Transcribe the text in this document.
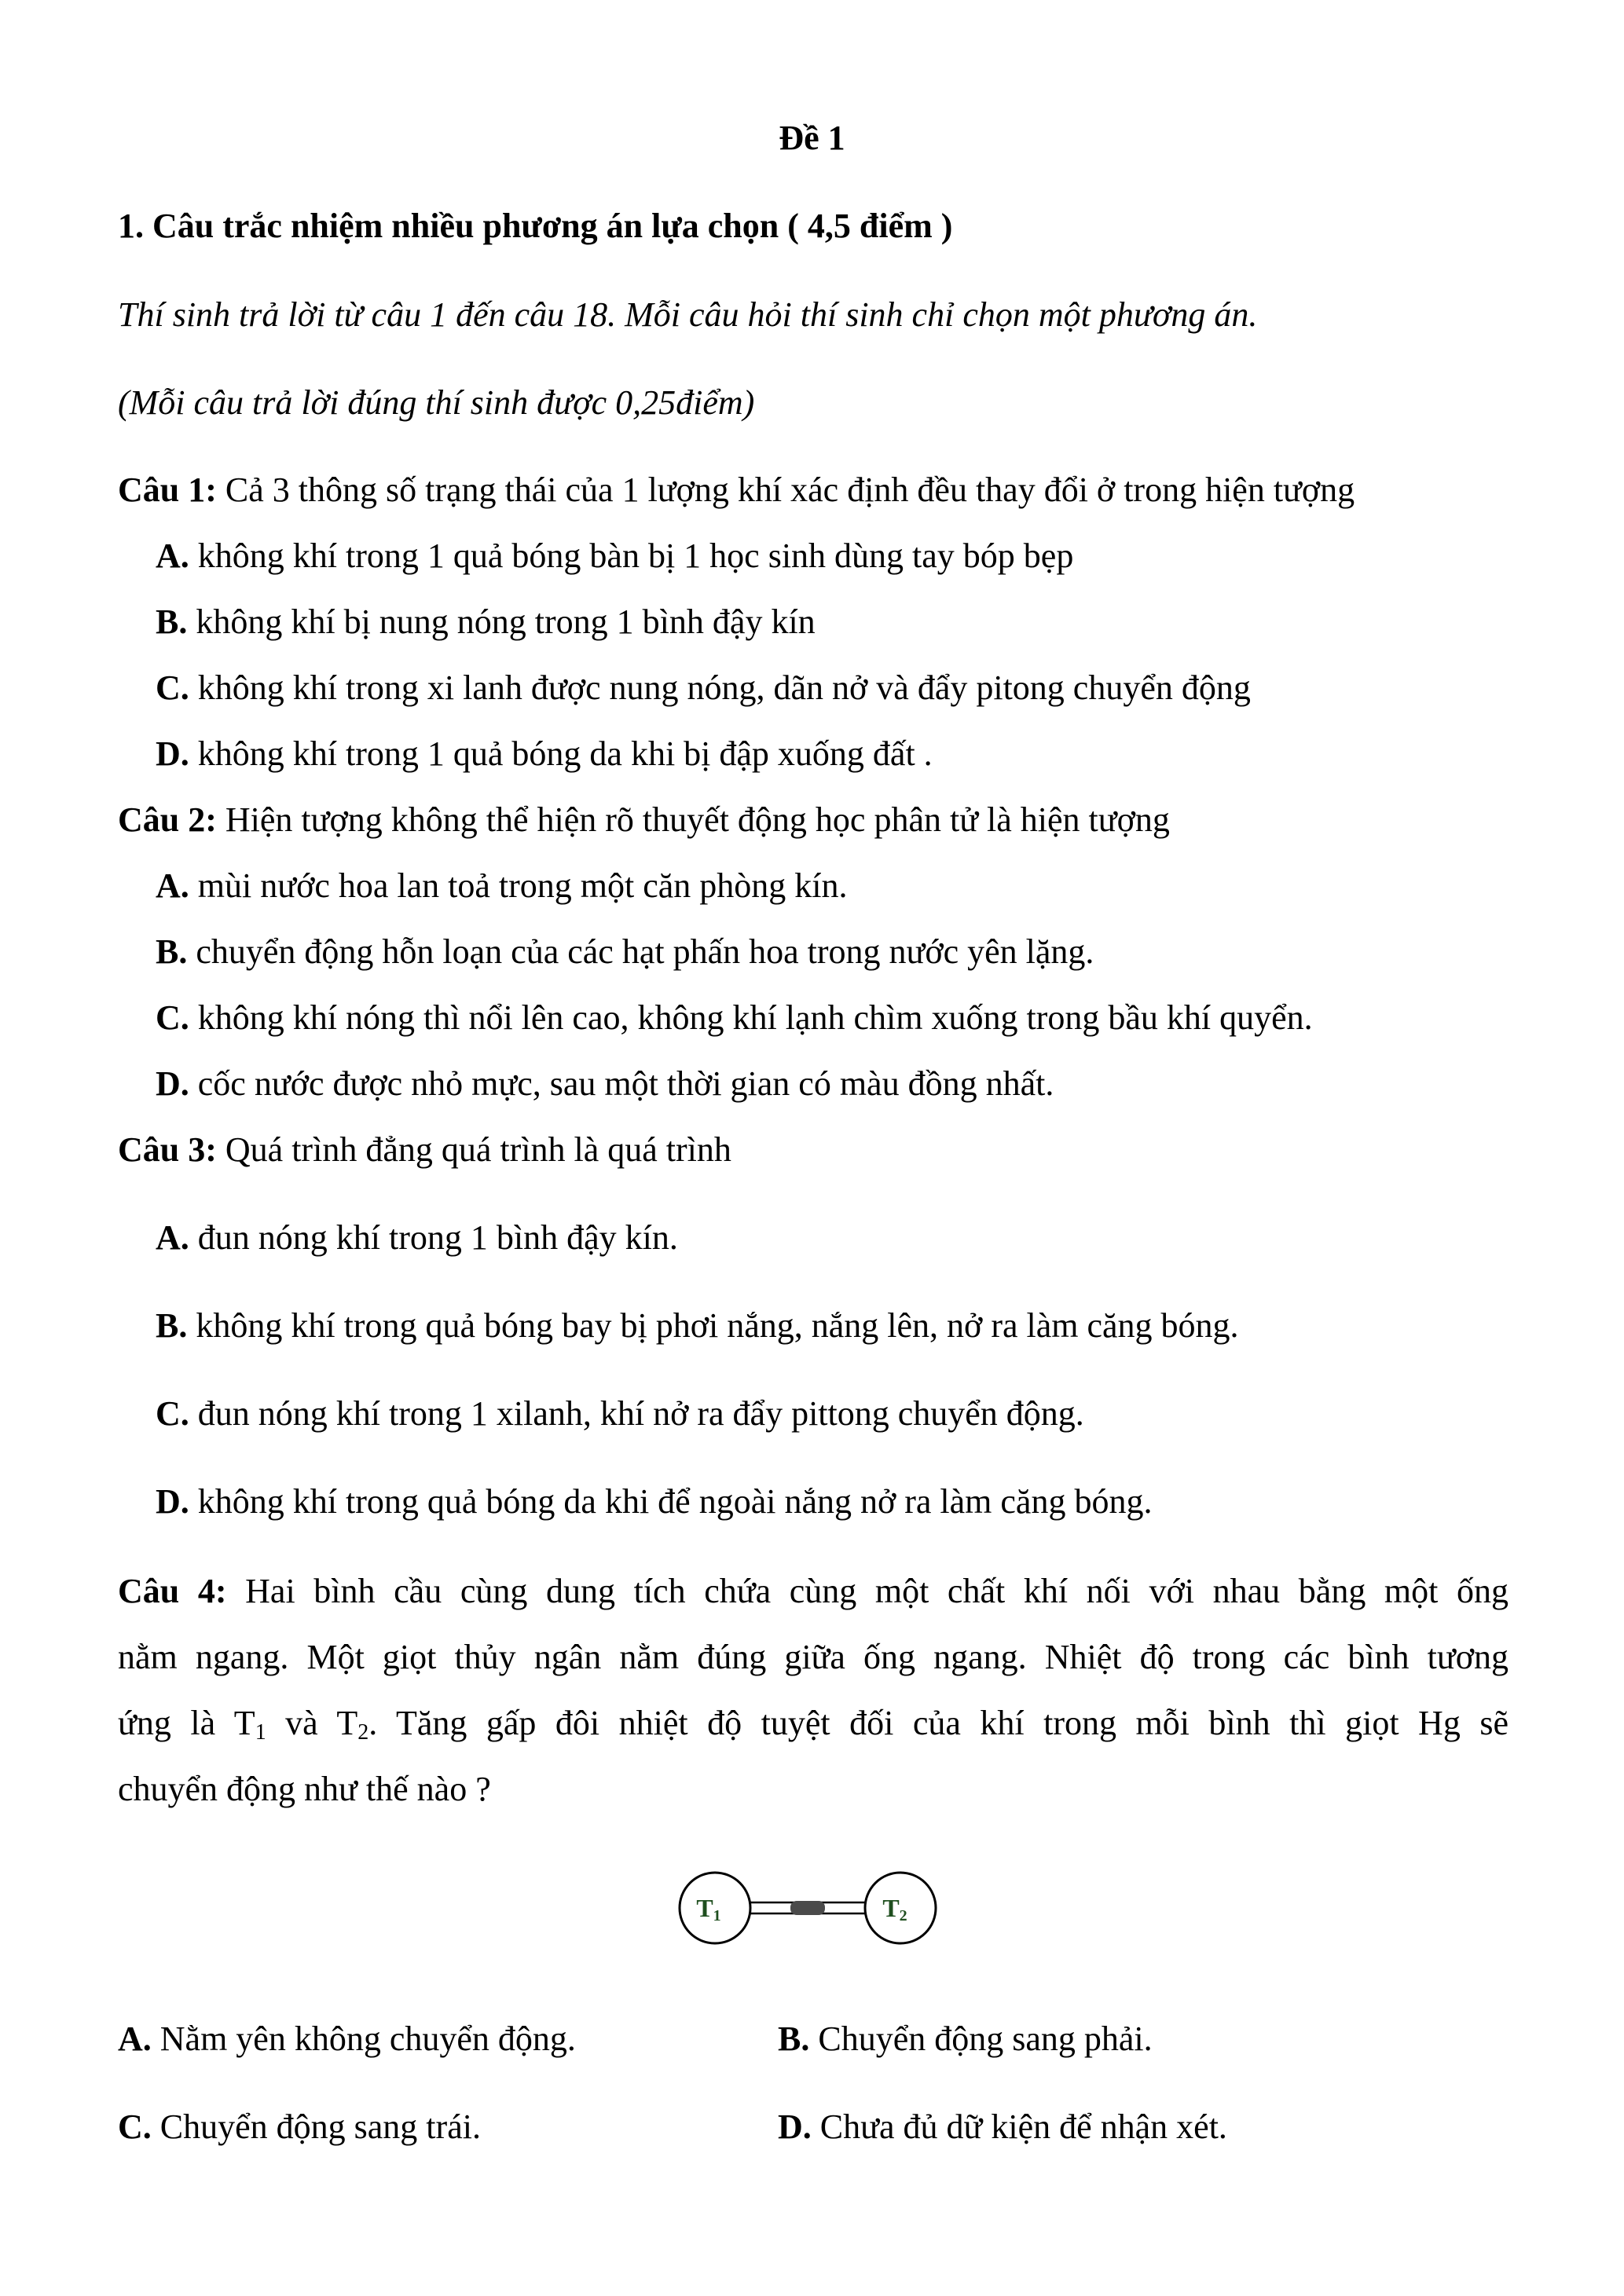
Đề 1
1. Câu trắc nhiệm nhiều phương án lựa chọn ( 4,5 điểm )
Thí sinh trả lời từ câu 1 đến câu 18. Mỗi câu hỏi thí sinh chỉ chọn một phương án.
(Mỗi câu trả lời đúng thí sinh được 0,25điểm)
Câu 1: Cả 3 thông số trạng thái của 1 lượng khí xác định đều thay đổi ở trong hiện tượng
A. không khí trong 1 quả bóng bàn bị 1 học sinh dùng tay bóp bẹp
B. không khí bị nung nóng trong 1 bình đậy kín
C. không khí trong xi lanh được nung nóng, dãn nở và đẩy pitong chuyển động
D. không khí trong 1 quả bóng da khi bị đập xuống đất .
Câu 2: Hiện tượng không thể hiện rõ thuyết động học phân tử là hiện tượng
A. mùi nước hoa lan toả trong một căn phòng kín.
B. chuyển động hỗn loạn của các hạt phấn hoa trong nước yên lặng.
C. không khí nóng thì nổi lên cao, không khí lạnh chìm xuống trong bầu khí quyển.
D. cốc nước được nhỏ mực, sau một thời gian có màu đồng nhất.
Câu 3: Quá trình đẳng quá trình là quá trình
A. đun nóng khí trong 1 bình đậy kín.
B. không khí trong quả bóng bay bị phơi nắng, nắng lên, nở ra làm căng bóng.
C. đun nóng khí trong 1 xilanh, khí nở ra đẩy pittong chuyển động.
D. không khí trong quả bóng da khi để ngoài nắng nở ra làm căng bóng.
Câu 4: Hai bình cầu cùng dung tích chứa cùng một chất khí nối với nhau bằng một ống
nằm ngang. Một giọt thủy ngân nằm đúng giữa ống ngang. Nhiệt độ trong các bình tương
ứng là $T_1$ và $T_2$. Tăng gấp đôi nhiệt độ tuyệt đối của khí trong mỗi bình thì giọt Hg sẽ
chuyển động như thế nào ?
T1	T2
A. Nằm yên không chuyển động.	B. Chuyển động sang phải.
C. Chuyển động sang trái.	D. Chưa đủ dữ kiện để nhận xét.
